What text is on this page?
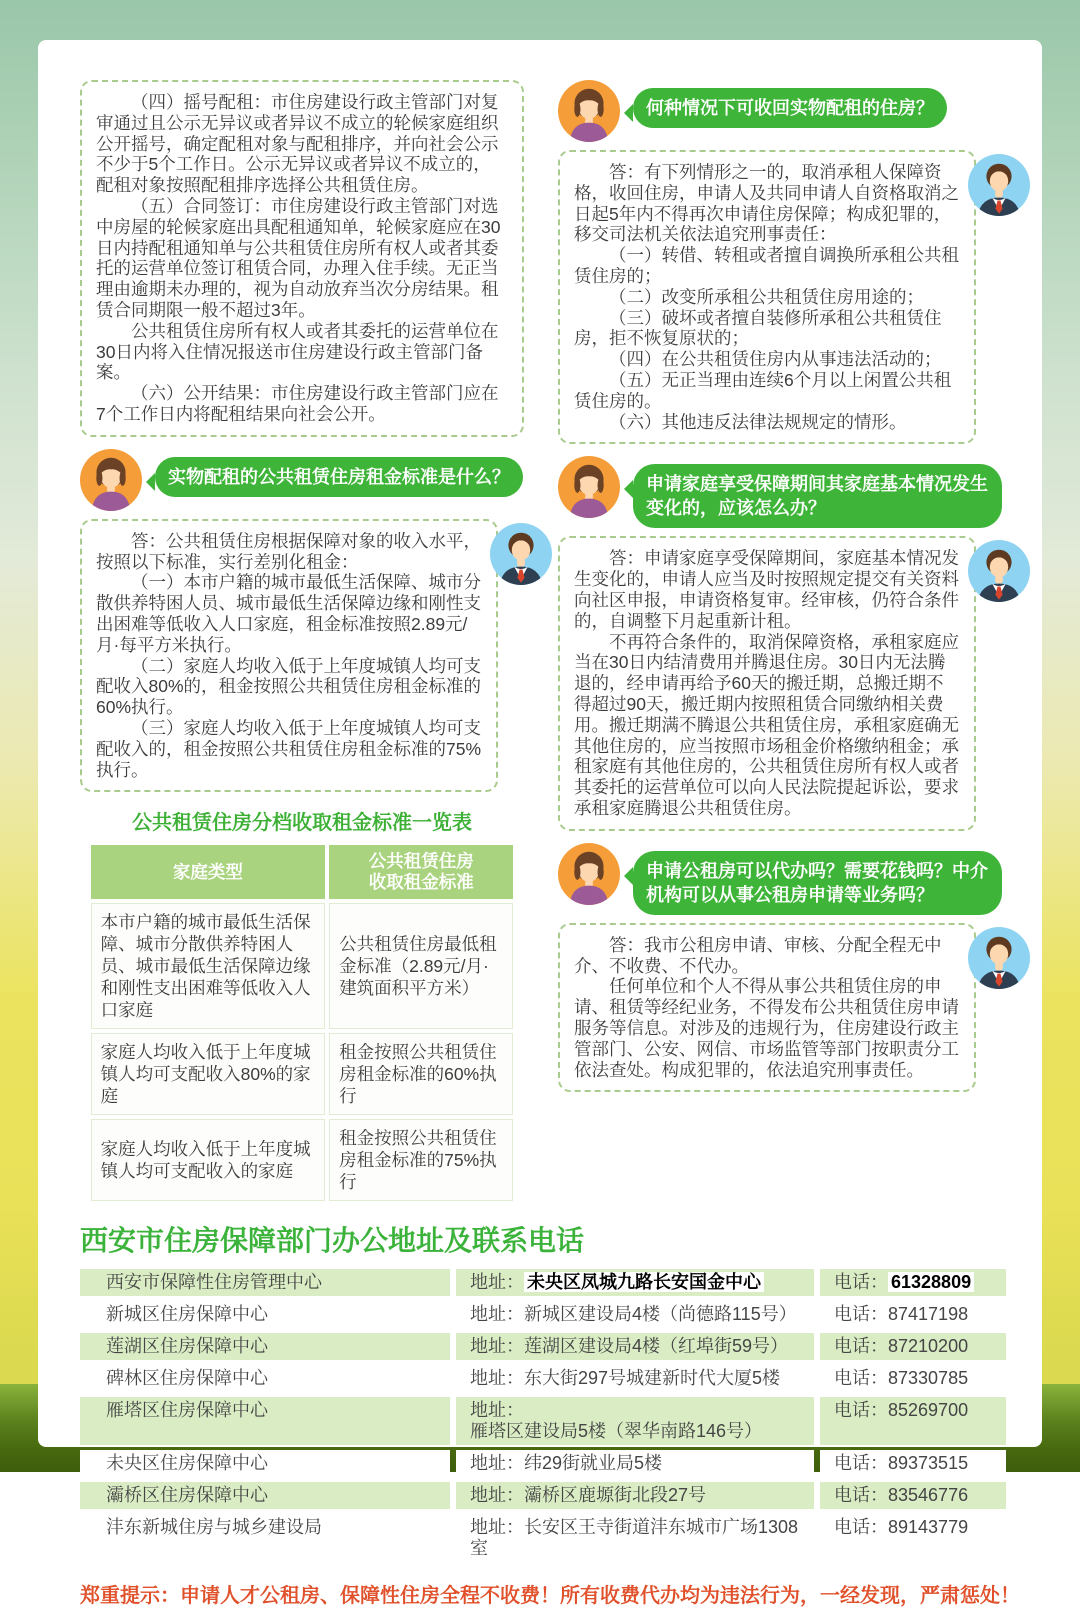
（四）摇号配租：市住房建设行政主管部门对复审通过且公示无异议或者异议不成立的轮候家庭组织公开摇号，确定配租对象与配租排序，并向社会公示不少于5个工作日。公示无异议或者异议不成立的，配租对象按照配租排序选择公共租赁住房。

（五）合同签订：市住房建设行政主管部门对选中房屋的轮候家庭出具配租通知单，轮候家庭应在30日内持配租通知单与公共租赁住房所有权人或者其委托的运营单位签订租赁合同，办理入住手续。无正当理由逾期未办理的，视为自动放弃当次分房结果。租赁合同期限一般不超过3年。

公共租赁住房所有权人或者其委托的运营单位在30日内将入住情况报送市住房建设行政主管部门备案。

（六）公开结果：市住房建设行政主管部门应在7个工作日内将配租结果向社会公开。

实物配租的公共租赁住房租金标准是什么？

答：公共租赁住房根据保障对象的收入水平，按照以下标准，实行差别化租金：

（一）本市户籍的城市最低生活保障、城市分散供养特困人员、城市最低生活保障边缘和刚性支出困难等低收入人口家庭，租金标准按照2.89元/月·每平方米执行。

（二）家庭人均收入低于上年度城镇人均可支配收入80%的，租金按照公共租赁住房租金标准的60%执行。

（三）家庭人均收入低于上年度城镇人均可支配收入的，租金按照公共租赁住房租金标准的75%执行。

公共租赁住房分档收取租金标准一览表
家庭类型	公共租赁住房
收取租金标准

本市户籍的城市最低生活保障、城市分散供养特困人员、城市最低生活保障边缘和刚性支出困难等低收入人口家庭	公共租赁住房最低租金标准（2.89元/月·建筑面积平方米）
家庭人均收入低于上年度城镇人均可支配收入80%的家庭	租金按照公共租赁住房租金标准的60%执行
家庭人均收入低于上年度城镇人均可支配收入的家庭	租金按照公共租赁住房租金标准的75%执行
何种情况下可收回实物配租的住房？

答：有下列情形之一的，取消承租人保障资格，收回住房，申请人及共同申请人自资格取消之日起5年内不得再次申请住房保障；构成犯罪的，移交司法机关依法追究刑事责任：

（一）转借、转租或者擅自调换所承租公共租赁住房的；

（二）改变所承租公共租赁住房用途的；

（三）破坏或者擅自装修所承租公共租赁住房，拒不恢复原状的；

（四）在公共租赁住房内从事违法活动的；

（五）无正当理由连续6个月以上闲置公共租赁住房的。

（六）其他违反法律法规规定的情形。

申请家庭享受保障期间其家庭基本情况发生变化的，应该怎么办？

答：申请家庭享受保障期间，家庭基本情况发生变化的，申请人应当及时按照规定提交有关资料向社区申报，申请资格复审。经审核，仍符合条件的，自调整下月起重新计租。

不再符合条件的，取消保障资格，承租家庭应当在30日内结清费用并腾退住房。30日内无法腾退的，经申请再给予60天的搬迁期，总搬迁期不得超过90天，搬迁期内按照租赁合同缴纳相关费用。搬迁期满不腾退公共租赁住房，承租家庭确无其他住房的，应当按照市场租金价格缴纳租金；承租家庭有其他住房的，公共租赁住房所有权人或者其委托的运营单位可以向人民法院提起诉讼，要求承租家庭腾退公共租赁住房。

申请公租房可以代办吗？需要花钱吗？中介机构可以从事公租房申请等业务吗？

答：我市公租房申请、审核、分配全程无中介、不收费、不代办。

任何单位和个人不得从事公共租赁住房的申请、租赁等经纪业务，不得发布公共租赁住房申请服务等信息。对涉及的违规行为，住房建设行政主管部门、公安、网信、市场监管等部门按职责分工依法查处。构成犯罪的，依法追究刑事责任。

西安市住房保障部门办公地址及联系电话
西安市保障性住房管理中心	地址： 未央区凤城九路长安国金中心	电话： 61328809
新城区住房保障中心	地址：新城区建设局4楼（尚德路115号）	电话：87417198
莲湖区住房保障中心	地址：莲湖区建设局4楼（红埠街59号）	电话：87210200
碑林区住房保障中心	地址：东大街297号城建新时代大厦5楼	电话：87330785
雁塔区住房保障中心	地址：雁塔区建设局5楼（翠华南路146号）
电话：85269700
未央区住房保障中心	地址：纬29街就业局5楼	电话：89373515
灞桥区住房保障中心	地址：灞桥区鹿塬街北段27号	电话：83546776
沣东新城住房与城乡建设局	地址：长安区王寺街道沣东城市广场1308室
电话：89143779
郑重提示：申请人才公租房、保障性住房全程不收费！所有收费代办均为违法行为，一经发现，严肃惩处！
